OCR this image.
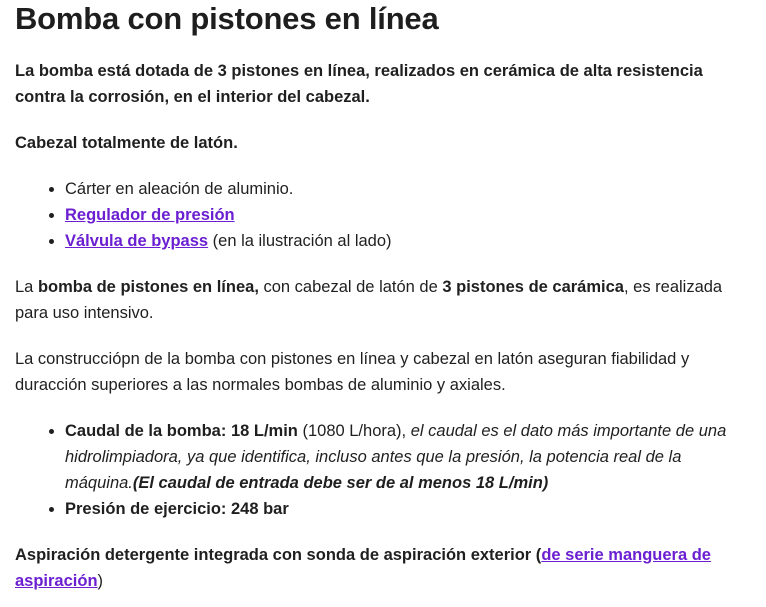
Bomba con pistones en línea

La bomba está dotada de 3 pistones en línea, realizados en cerámica de alta resistencia contra la corrosión, en el interior del cabezal.

Cabezal totalmente de latón.

• Cárter en aleación de aluminio.
• Regulador de presión
• Válvula de bypass (en la ilustración al lado)

La bomba de pistones en línea, con cabezal de latón de 3 pistones de carámica, es realizada para uso intensivo.

La construcciópn de la bomba con pistones en línea y cabezal en latón aseguran fiabilidad y duracción superiores a las normales bombas de aluminio y axiales.

• Caudal de la bomba: 18 L/min (1080 L/hora), el caudal es el dato más importante de una hidrolimpiadora, ya que identifica, incluso antes que la presión, la potencia real de la máquina.(El caudal de entrada debe ser de al menos 18 L/min)
• Presión de ejercicio: 248 bar

Aspiración detergente integrada con sonda de aspiración exterior (de serie manguera de aspiración)
